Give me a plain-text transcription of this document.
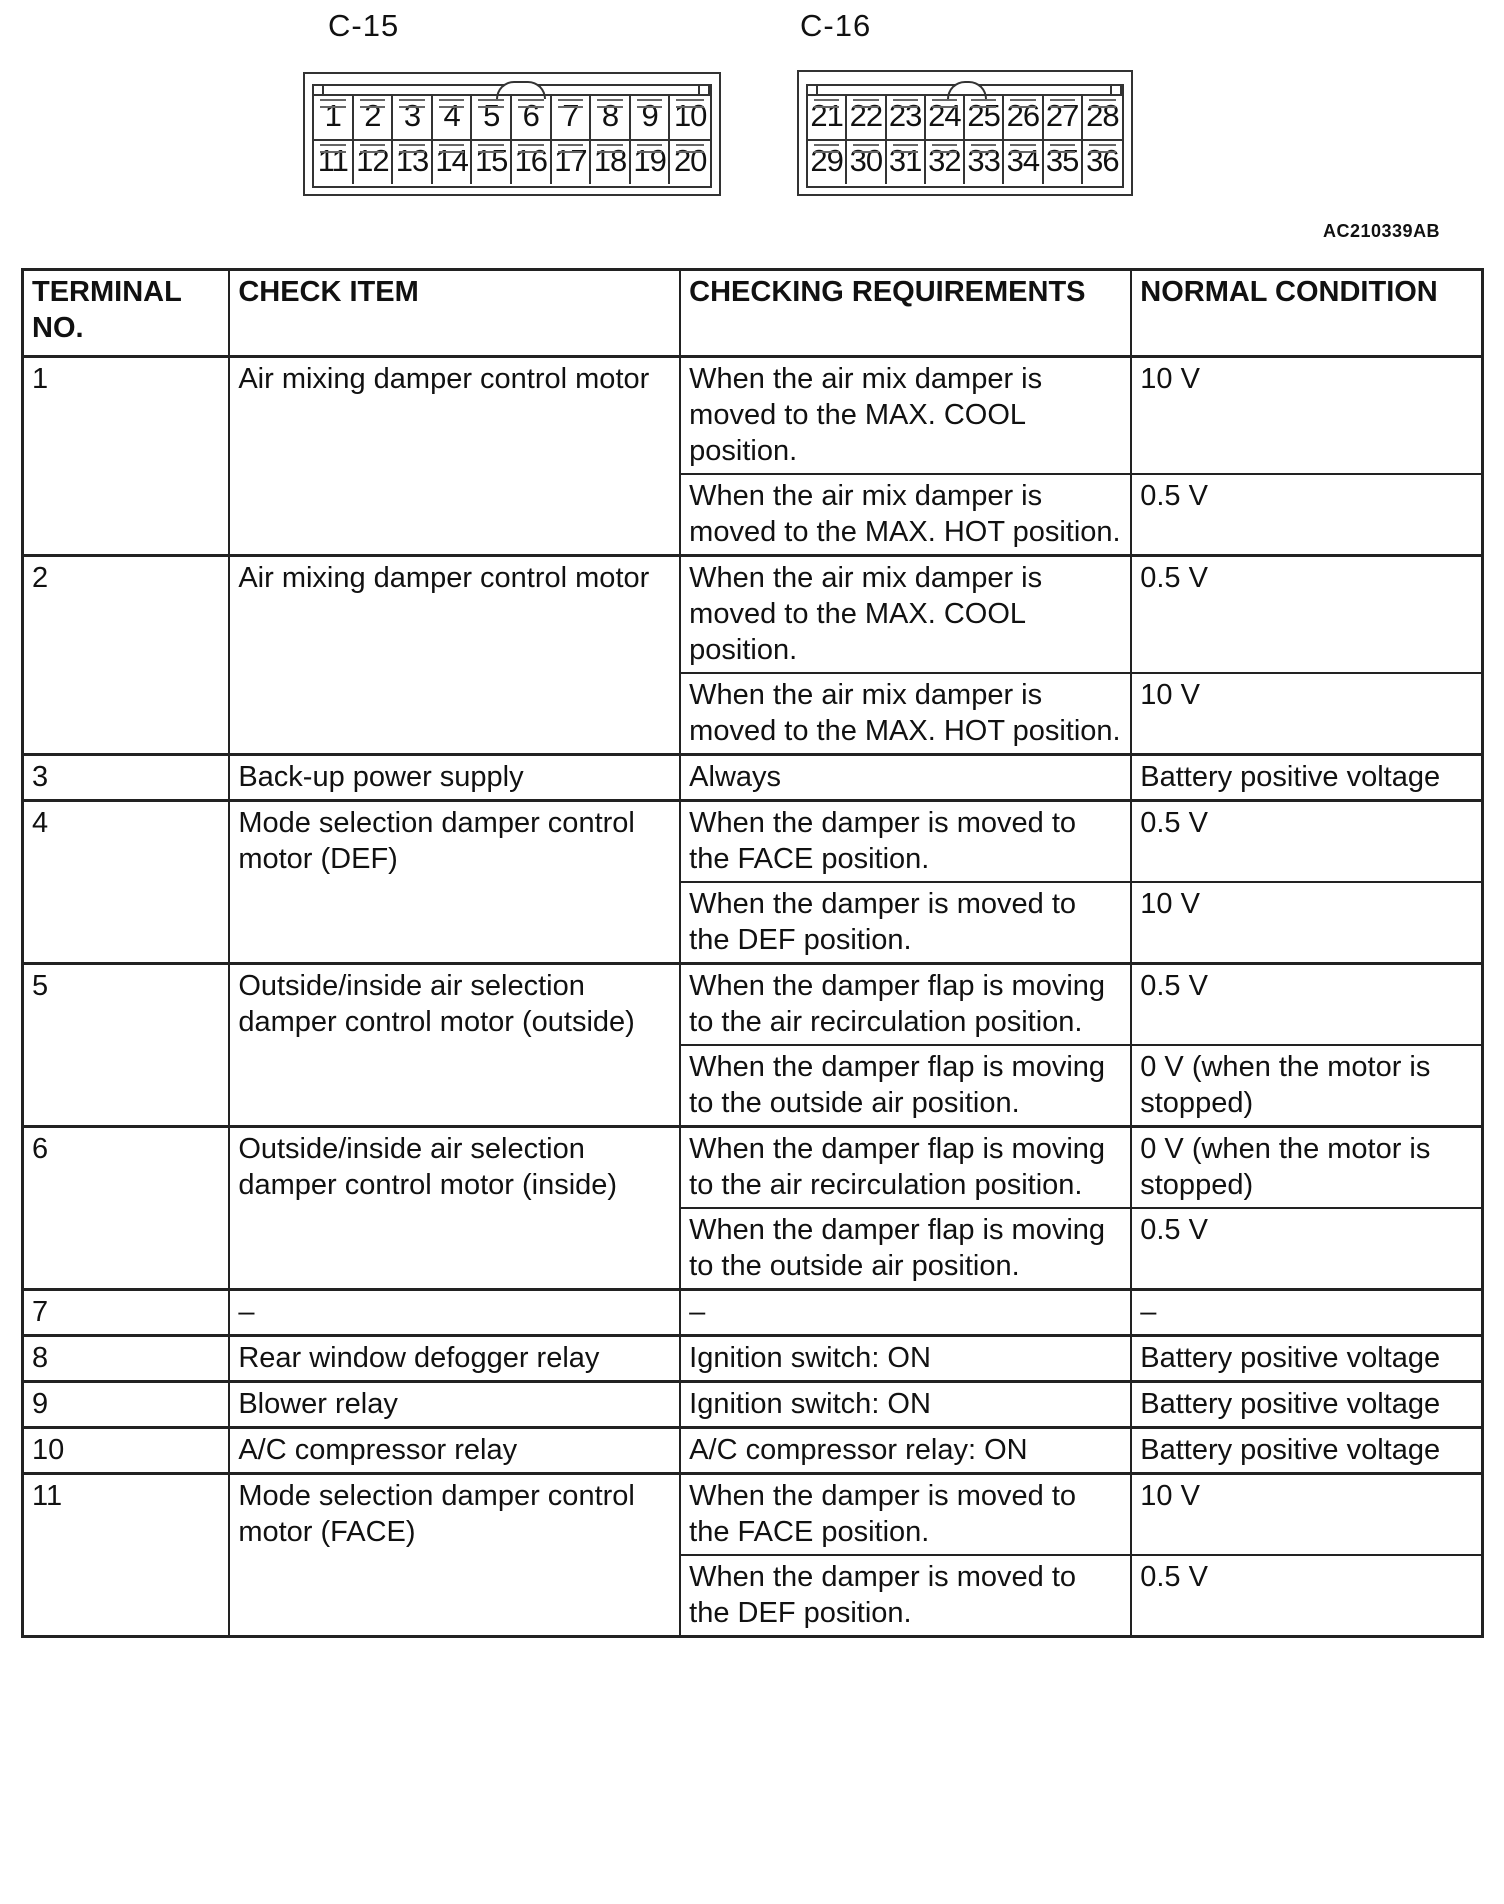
C-15
1 2 3 4 5 6 7 8 9 10
11 12 13 14 15 16 17 18 19 20
C-16
21 22 23 24 25 26 27 28
29 30 31 32 33 34 35 36
AC210339AB
TERMINAL NO.	CHECK ITEM	CHECKING REQUIREMENTS	NORMAL CONDITION
1	Air mixing damper control motor	When the air mix damper is moved to the MAX. COOL position.	10 V
		When the air mix damper is moved to the MAX. HOT position.	0.5 V
2	Air mixing damper control motor	When the air mix damper is moved to the MAX. COOL position.	0.5 V
		When the air mix damper is moved to the MAX. HOT position.	10 V
3	Back-up power supply	Always	Battery positive voltage
4	Mode selection damper control motor (DEF)	When the damper is moved to the FACE position.	0.5 V
		When the damper is moved to the DEF position.	10 V
5	Outside/inside air selection damper control motor (outside)	When the damper flap is moving to the air recirculation position.	0.5 V
		When the damper flap is moving to the outside air position.	0 V (when the motor is stopped)
6	Outside/inside air selection damper control motor (inside)	When the damper flap is moving to the air recirculation position.	0 V (when the motor is stopped)
		When the damper flap is moving to the outside air position.	0.5 V
7	–	–	–
8	Rear window defogger relay	Ignition switch: ON	Battery positive voltage
9	Blower relay	Ignition switch: ON	Battery positive voltage
10	A/C compressor relay	A/C compressor relay: ON	Battery positive voltage
11	Mode selection damper control motor (FACE)	When the damper is moved to the FACE position.	10 V
		When the damper is moved to the DEF position.	0.5 V
